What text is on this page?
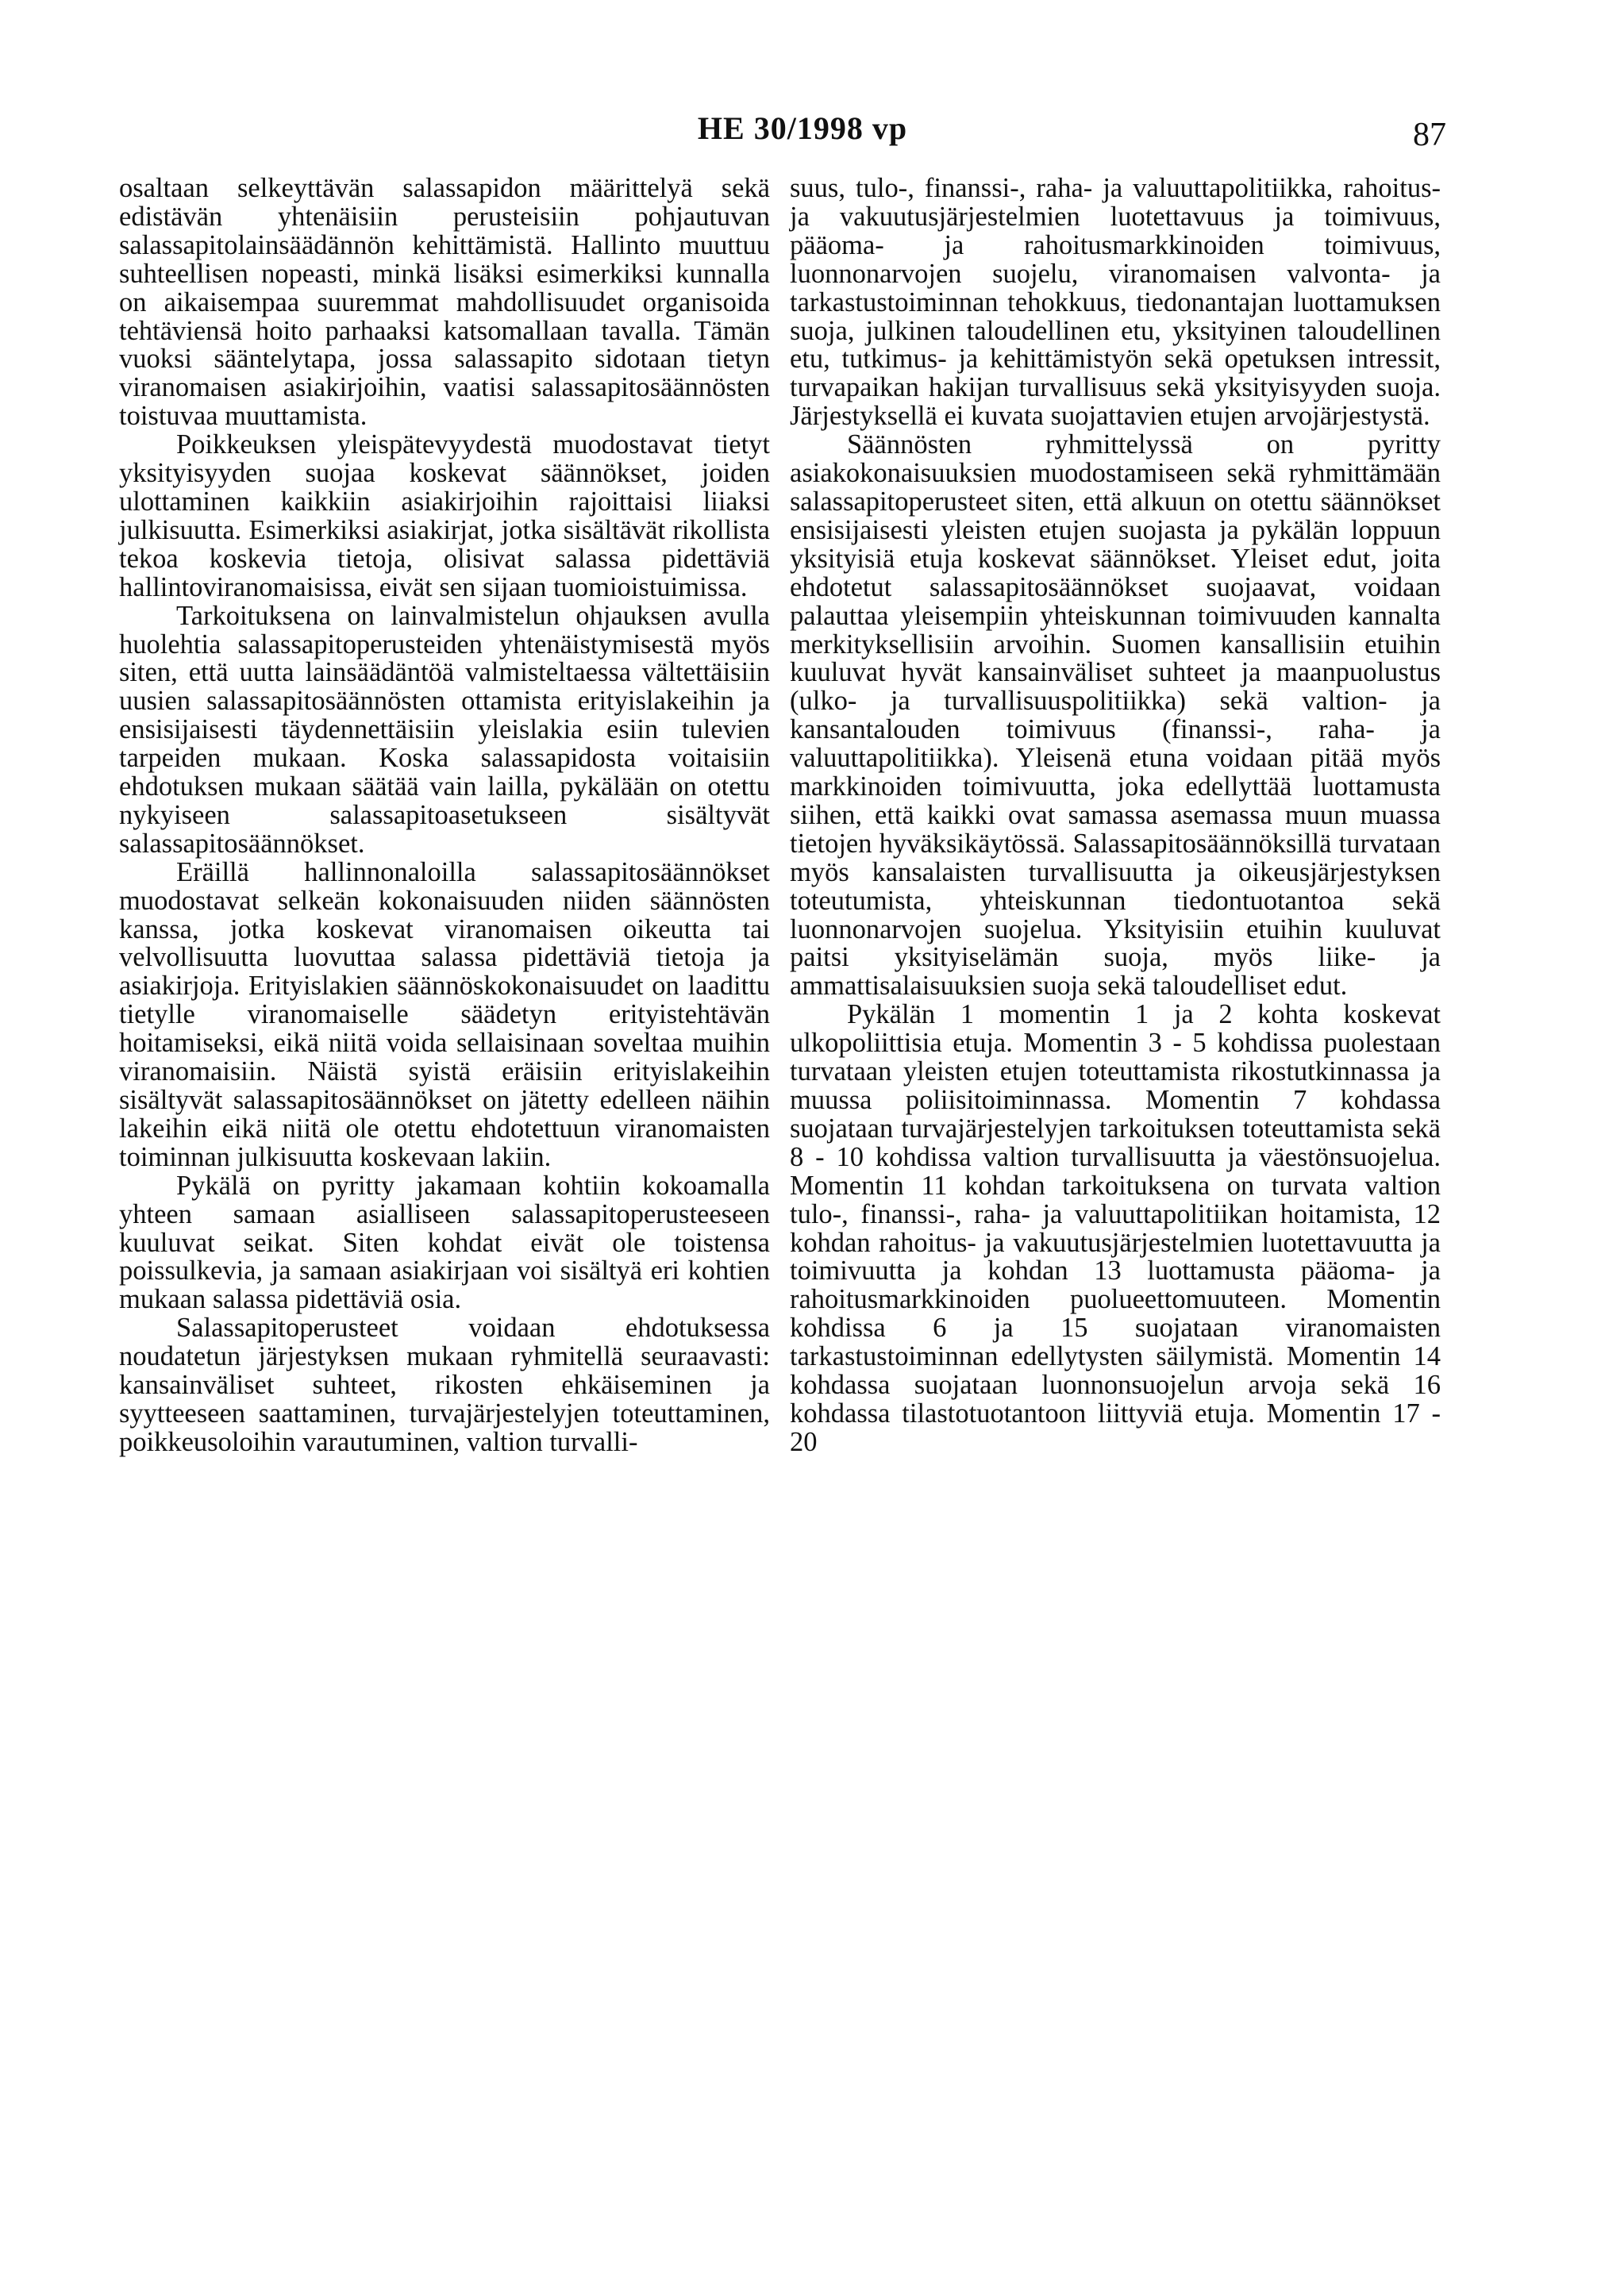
HE 30/1998 vp	87

osaltaan selkeyttävän salassapidon määrittelyä sekä edistävän yhtenäisiin perusteisiin pohjautuvan salassapitolainsäädännön kehittämistä. Hallinto muuttuu suhteellisen nopeasti, minkä lisäksi esimerkiksi kunnalla on aikaisempaa suuremmat mahdollisuudet organisoida tehtäviensä hoito parhaaksi katsomallaan tavalla. Tämän vuoksi sääntelytapa, jossa salassapito sidotaan tietyn viranomaisen asiakirjoihin, vaatisi salassapitosäännösten toistuvaa muuttamista.

Poikkeuksen yleispätevyydestä muodostavat tietyt yksityisyyden suojaa koskevat säännökset, joiden ulottaminen kaikkiin asiakirjoihin rajoittaisi liiaksi julkisuutta. Esimerkiksi asiakirjat, jotka sisältävät rikollista tekoa koskevia tietoja, olisivat salassa pidettäviä hallintoviranomaisissa, eivät sen sijaan tuomioistuimissa.

Tarkoituksena on lainvalmistelun ohjauksen avulla huolehtia salassapitoperusteiden yhtenäistymisestä myös siten, että uutta lainsäädäntöä valmisteltaessa vältettäisiin uusien salassapitosäännösten ottamista erityislakeihin ja ensisijaisesti täydennettäisiin yleislakia esiin tulevien tarpeiden mukaan. Koska salassapidosta voitaisiin ehdotuksen mukaan säätää vain lailla, pykälään on otettu nykyiseen salassapitoasetukseen sisältyvät salassapitosäännökset.

Eräillä hallinnonaloilla salassapitosäännökset muodostavat selkeän kokonaisuuden niiden säännösten kanssa, jotka koskevat viranomaisen oikeutta tai velvollisuutta luovuttaa salassa pidettäviä tietoja ja asiakirjoja. Erityislakien säännöskokonaisuudet on laadittu tietylle viranomaiselle säädetyn erityistehtävän hoitamiseksi, eikä niitä voida sellaisinaan soveltaa muihin viranomaisiin. Näistä syistä eräisiin erityislakeihin sisältyvät salassapitosäännökset on jätetty edelleen näihin lakeihin eikä niitä ole otettu ehdotettuun viranomaisten toiminnan julkisuutta koskevaan lakiin.

Pykälä on pyritty jakamaan kohtiin kokoamalla yhteen samaan asialliseen salassapitoperusteeseen kuuluvat seikat. Siten kohdat eivät ole toistensa poissulkevia, ja samaan asiakirjaan voi sisältyä eri kohtien mukaan salassa pidettäviä osia.

Salassapitoperusteet voidaan ehdotuksessa noudatetun järjestyksen mukaan ryhmitellä seuraavasti: kansainväliset suhteet, rikosten ehkäiseminen ja syytteeseen saattaminen, turvajärjestelyjen toteuttaminen, poikkeusoloihin varautuminen, valtion turvalli-

suus, tulo-, finanssi-, raha- ja valuuttapolitiikka, rahoitus- ja vakuutusjärjestelmien luotettavuus ja toimivuus, pääoma- ja rahoitusmarkkinoiden toimivuus, luonnonarvojen suojelu, viranomaisen valvonta- ja tarkastustoiminnan tehokkuus, tiedonantajan luottamuksen suoja, julkinen taloudellinen etu, yksityinen taloudellinen etu, tutkimus- ja kehittämistyön sekä opetuksen intressit, turvapaikan hakijan turvallisuus sekä yksityisyyden suoja. Järjestyksellä ei kuvata suojattavien etujen arvojärjestystä.

Säännösten ryhmittelyssä on pyritty asiakokonaisuuksien muodostamiseen sekä ryhmittämään salassapitoperusteet siten, että alkuun on otettu säännökset ensisijaisesti yleisten etujen suojasta ja pykälän loppuun yksityisiä etuja koskevat säännökset. Yleiset edut, joita ehdotetut salassapitosäännökset suojaavat, voidaan palauttaa yleisempiin yhteiskunnan toimivuuden kannalta merkityksellisiin arvoihin. Suomen kansallisiin etuihin kuuluvat hyvät kansainväliset suhteet ja maanpuolustus (ulko- ja turvallisuuspolitiikka) sekä valtion- ja kansantalouden toimivuus (finanssi-, raha- ja valuuttapolitiikka). Yleisenä etuna voidaan pitää myös markkinoiden toimivuutta, joka edellyttää luottamusta siihen, että kaikki ovat samassa asemassa muun muassa tietojen hyväksikäytössä. Salassapitosäännöksillä turvataan myös kansalaisten turvallisuutta ja oikeusjärjestyksen toteutumista, yhteiskunnan tiedontuotantoa sekä luonnonarvojen suojelua. Yksityisiin etuihin kuuluvat paitsi yksityiselämän suoja, myös liike- ja ammattisalaisuuksien suoja sekä taloudelliset edut.

Pykälän 1 momentin 1 ja 2 kohta koskevat ulkopoliittisia etuja. Momentin 3 - 5 kohdissa puolestaan turvataan yleisten etujen toteuttamista rikostutkinnassa ja muussa poliisitoiminnassa. Momentin 7 kohdassa suojataan turvajärjestelyjen tarkoituksen toteuttamista sekä 8 - 10 kohdissa valtion turvallisuutta ja väestönsuojelua. Momentin 11 kohdan tarkoituksena on turvata valtion tulo-, finanssi-, raha- ja valuuttapolitiikan hoitamista, 12 kohdan rahoitus- ja vakuutusjärjestelmien luotettavuutta ja toimivuutta ja kohdan 13 luottamusta pääoma- ja rahoitusmarkkinoiden puolueettomuuteen. Momentin kohdissa 6 ja 15 suojataan viranomaisten tarkastustoiminnan edellytysten säilymistä. Momentin 14 kohdassa suojataan luonnonsuojelun arvoja sekä 16 kohdassa tilastotuotantoon liittyviä etuja. Momentin 17 - 20
